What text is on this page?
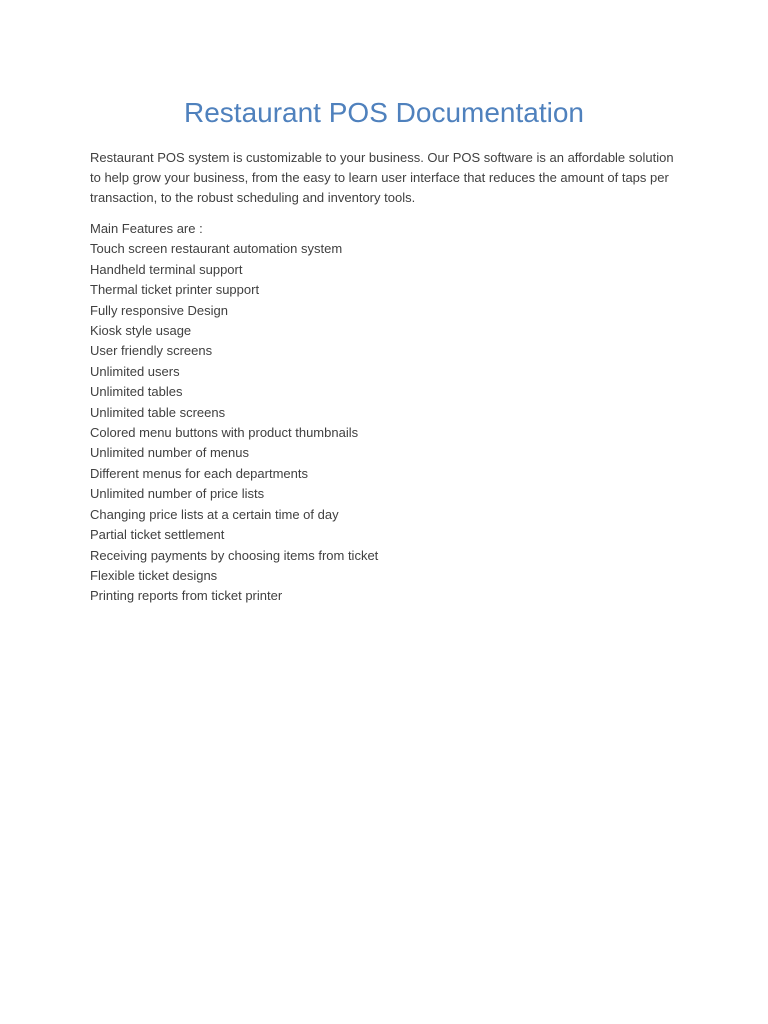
Restaurant POS Documentation

Restaurant POS system is customizable to your business. Our POS software is an affordable solution to help grow your business, from the easy to learn user interface that reduces the amount of taps per transaction, to the robust scheduling and inventory tools.

Main Features are :
Touch screen restaurant automation system
Handheld terminal support
Thermal ticket printer support
Fully responsive Design
Kiosk style usage
User friendly screens
Unlimited users
Unlimited tables
Unlimited table screens
Colored menu buttons with product thumbnails
Unlimited number of menus
Different menus for each departments
Unlimited number of price lists
Changing price lists at a certain time of day
Partial ticket settlement
Receiving payments by choosing items from ticket
Flexible ticket designs
Printing reports from ticket printer
